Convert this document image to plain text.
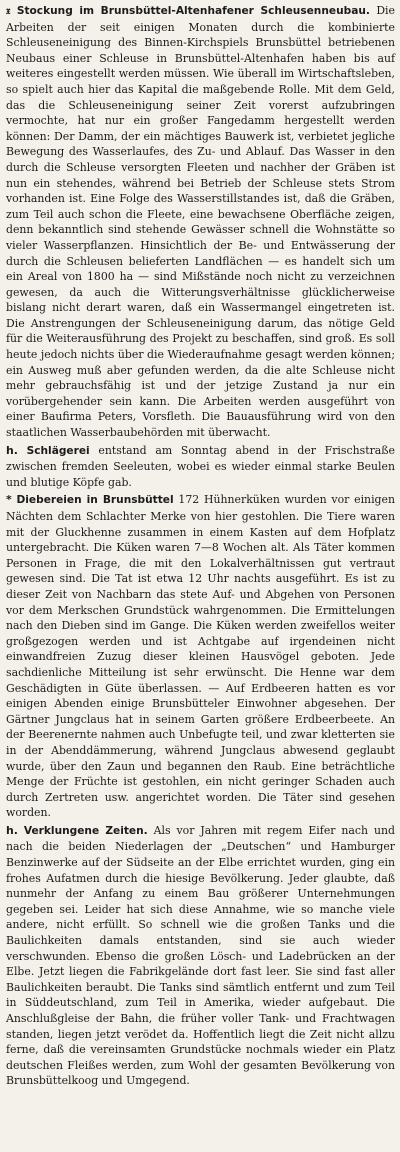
𝔵 Stockung im Brunsbüttel-Altenhafener Schleusenneubau. Die Arbeiten der seit einigen Monaten durch die kombinierte Schleuseneinigung des Binnen-Kirchspiels Brunsbüttel betriebenen Neubaus einer Schleuse in Brunsbüttel-Altenhafen haben bis auf weiteres eingestellt werden müssen. Wie überall im Wirtschaftsleben, so spielt auch hier das Kapital die maßgebende Rolle. Mit dem Geld, das die Schleuseneinigung seiner Zeit vorerst aufzubringen vermochte, hat nur ein großer Fangedamm hergestellt werden können: Der Damm, der ein mächtiges Bauwerk ist, verbietet jegliche Bewegung des Wasserlaufes, des Zu- und Ablauf. Das Wasser in den durch die Schleuse versorgten Fleeten und nachher der Gräben ist nun ein stehendes, während bei Betrieb der Schleuse stets Strom vorhanden ist. Eine Folge des Wasserstillstandes ist, daß die Gräben, zum Teil auch schon die Fleete, eine bewachsene Oberfläche zeigen, denn bekanntlich sind stehende Gewässer schnell die Wohnstätte so vieler Wasserpflanzen. Hinsichtlich der Be- und Entwässerung der durch die Schleusen belieferten Landflächen — es handelt sich um ein Areal von 1800 ha — sind Mißstände noch nicht zu verzeichnen gewesen, da auch die Witterungsverhältnisse glücklicherweise bislang nicht derart waren, daß ein Wassermangel eingetreten ist. Die Anstrengungen der Schleuseneinigung darum, das nötige Geld für die Weiterausführung des Projekt zu beschaffen, sind groß. Es soll heute jedoch nichts über die Wiederaufnahme gesagt werden können; ein Ausweg muß aber gefunden werden, da die alte Schleuse nicht mehr gebrauchsfähig ist und der jetzige Zustand ja nur ein vorübergehender sein kann. Die Arbeiten werden ausgeführt von einer Baufirma Peters, Vorsfleth. Die Bauausführung wird von den staatlichen Wasserbaubehörden mit überwacht.

h. Schlägerei entstand am Sonntag abend in der Frischstraße zwischen fremden Seeleuten, wobei es wieder einmal starke Beulen und blutige Köpfe gab.

* Diebereien in Brunsbüttel 172 Hühnerküken wurden vor einigen Nächten dem Schlachter Merke von hier gestohlen. Die Tiere waren mit der Gluckhenne zusammen in einem Kasten auf dem Hofplatz untergebracht. Die Küken waren 7—8 Wochen alt. Als Täter kommen Personen in Frage, die mit den Lokalverhältnissen gut vertraut gewesen sind. Die Tat ist etwa 12 Uhr nachts ausgeführt. Es ist zu dieser Zeit von Nachbarn das stete Auf- und Abgehen von Personen vor dem Merkschen Grundstück wahrgenommen. Die Ermittelungen nach den Dieben sind im Gange. Die Küken werden zweifellos weiter großgezogen werden und ist Achtgabe auf irgendeinen nicht einwandfreien Zuzug dieser kleinen Hausvögel geboten. Jede sachdienliche Mitteilung ist sehr erwünscht. Die Henne war dem Geschädigten in Güte überlassen. — Auf Erdbeeren hatten es vor einigen Abenden einige Brunsbütteler Einwohner abgesehen. Der Gärtner Jungclaus hat in seinem Garten größere Erdbeerbeete. An der Beerenernte nahmen auch Unbefugte teil, und zwar kletterten sie in der Abenddämmerung, während Jungclaus abwesend geglaubt wurde, über den Zaun und begannen den Raub. Eine beträchtliche Menge der Früchte ist gestohlen, ein nicht geringer Schaden auch durch Zertreten usw. angerichtet worden. Die Täter sind gesehen worden.

h. Verklungene Zeiten. Als vor Jahren mit regem Eifer nach und nach die beiden Niederlagen der „Deutschen“ und Hamburger Benzinwerke auf der Südseite an der Elbe errichtet wurden, ging ein frohes Aufatmen durch die hiesige Bevölkerung. Jeder glaubte, daß nunmehr der Anfang zu einem Bau größerer Unternehmungen gegeben sei. Leider hat sich diese Annahme, wie so manche viele andere, nicht erfüllt. So schnell wie die großen Tanks und die Baulichkeiten damals entstanden, sind sie auch wieder verschwunden. Ebenso die großen Lösch- und Ladebrücken an der Elbe. Jetzt liegen die Fabrikgelände dort fast leer. Sie sind fast aller Baulichkeiten beraubt. Die Tanks sind sämtlich entfernt und zum Teil in Süddeutschland, zum Teil in Amerika, wieder aufgebaut. Die Anschlußgleise der Bahn, die früher voller Tank- und Frachtwagen standen, liegen jetzt verödet da. Hoffentlich liegt die Zeit nicht allzu ferne, daß die vereinsamten Grundstücke nochmals wieder ein Platz deutschen Fleißes werden, zum Wohl der gesamten Bevölkerung von Brunsbüttelkoog und Umgegend.
